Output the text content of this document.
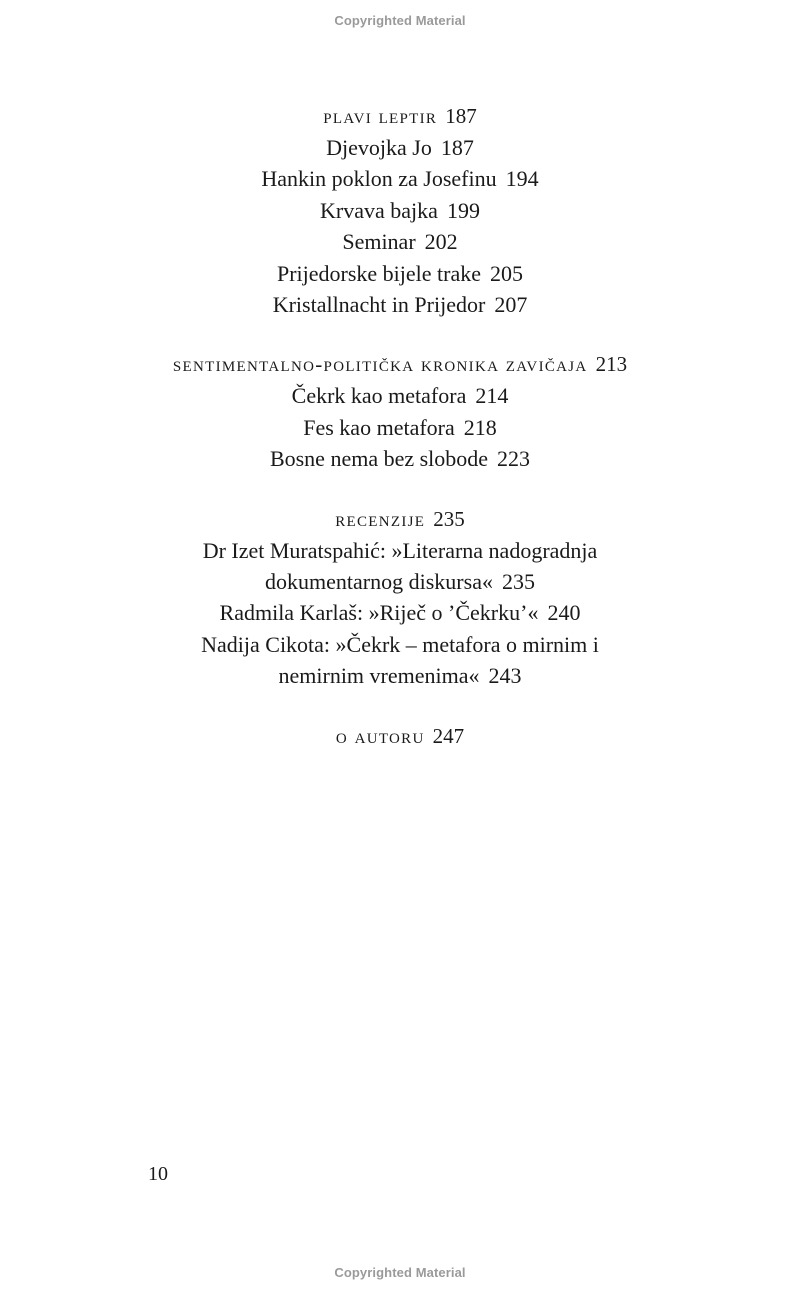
Copyrighted Material
plavi leptir 187
Djevojka Jo 187
Hankin poklon za Josefinu 194
Krvava bajka 199
Seminar 202
Prijedorske bijele trake 205
Kristallnacht in Prijedor 207
sentimentalno-politička kronika zavičaja 213
Čekrk kao metafora 214
Fes kao metafora 218
Bosne nema bez slobode 223
recenzije 235
Dr Izet Muratspahić: »Literarna nadogradnja
dokumentarnog diskursa« 235
Radmila Karlaš: »Riječ o ’Čekrku’« 240
Nadija Cikota: »Čekrk – metafora o mirnim i
nemirnim vremenima« 243
o autoru 247
10
Copyrighted Material
